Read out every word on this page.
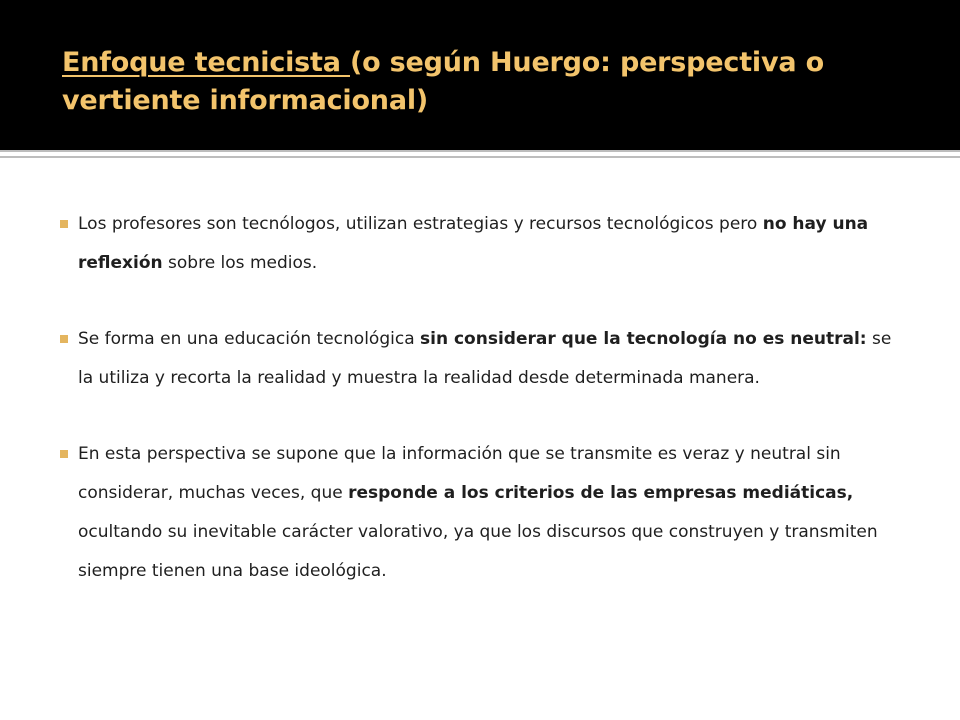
Enfoque tecnicista (o según Huergo: perspectiva o vertiente informacional)
Los profesores son tecnólogos, utilizan estrategias y recursos tecnológicos pero no hay una reflexión sobre los medios.
Se forma en una educación tecnológica sin considerar que la tecnología no es neutral: se la utiliza y recorta la realidad y muestra la realidad desde determinada manera.
En esta perspectiva se supone que la información que se transmite es veraz y neutral sin considerar, muchas veces, que responde a los criterios de las empresas mediáticas, ocultando su inevitable carácter valorativo, ya que los discursos que construyen y transmiten siempre tienen una base ideológica.
